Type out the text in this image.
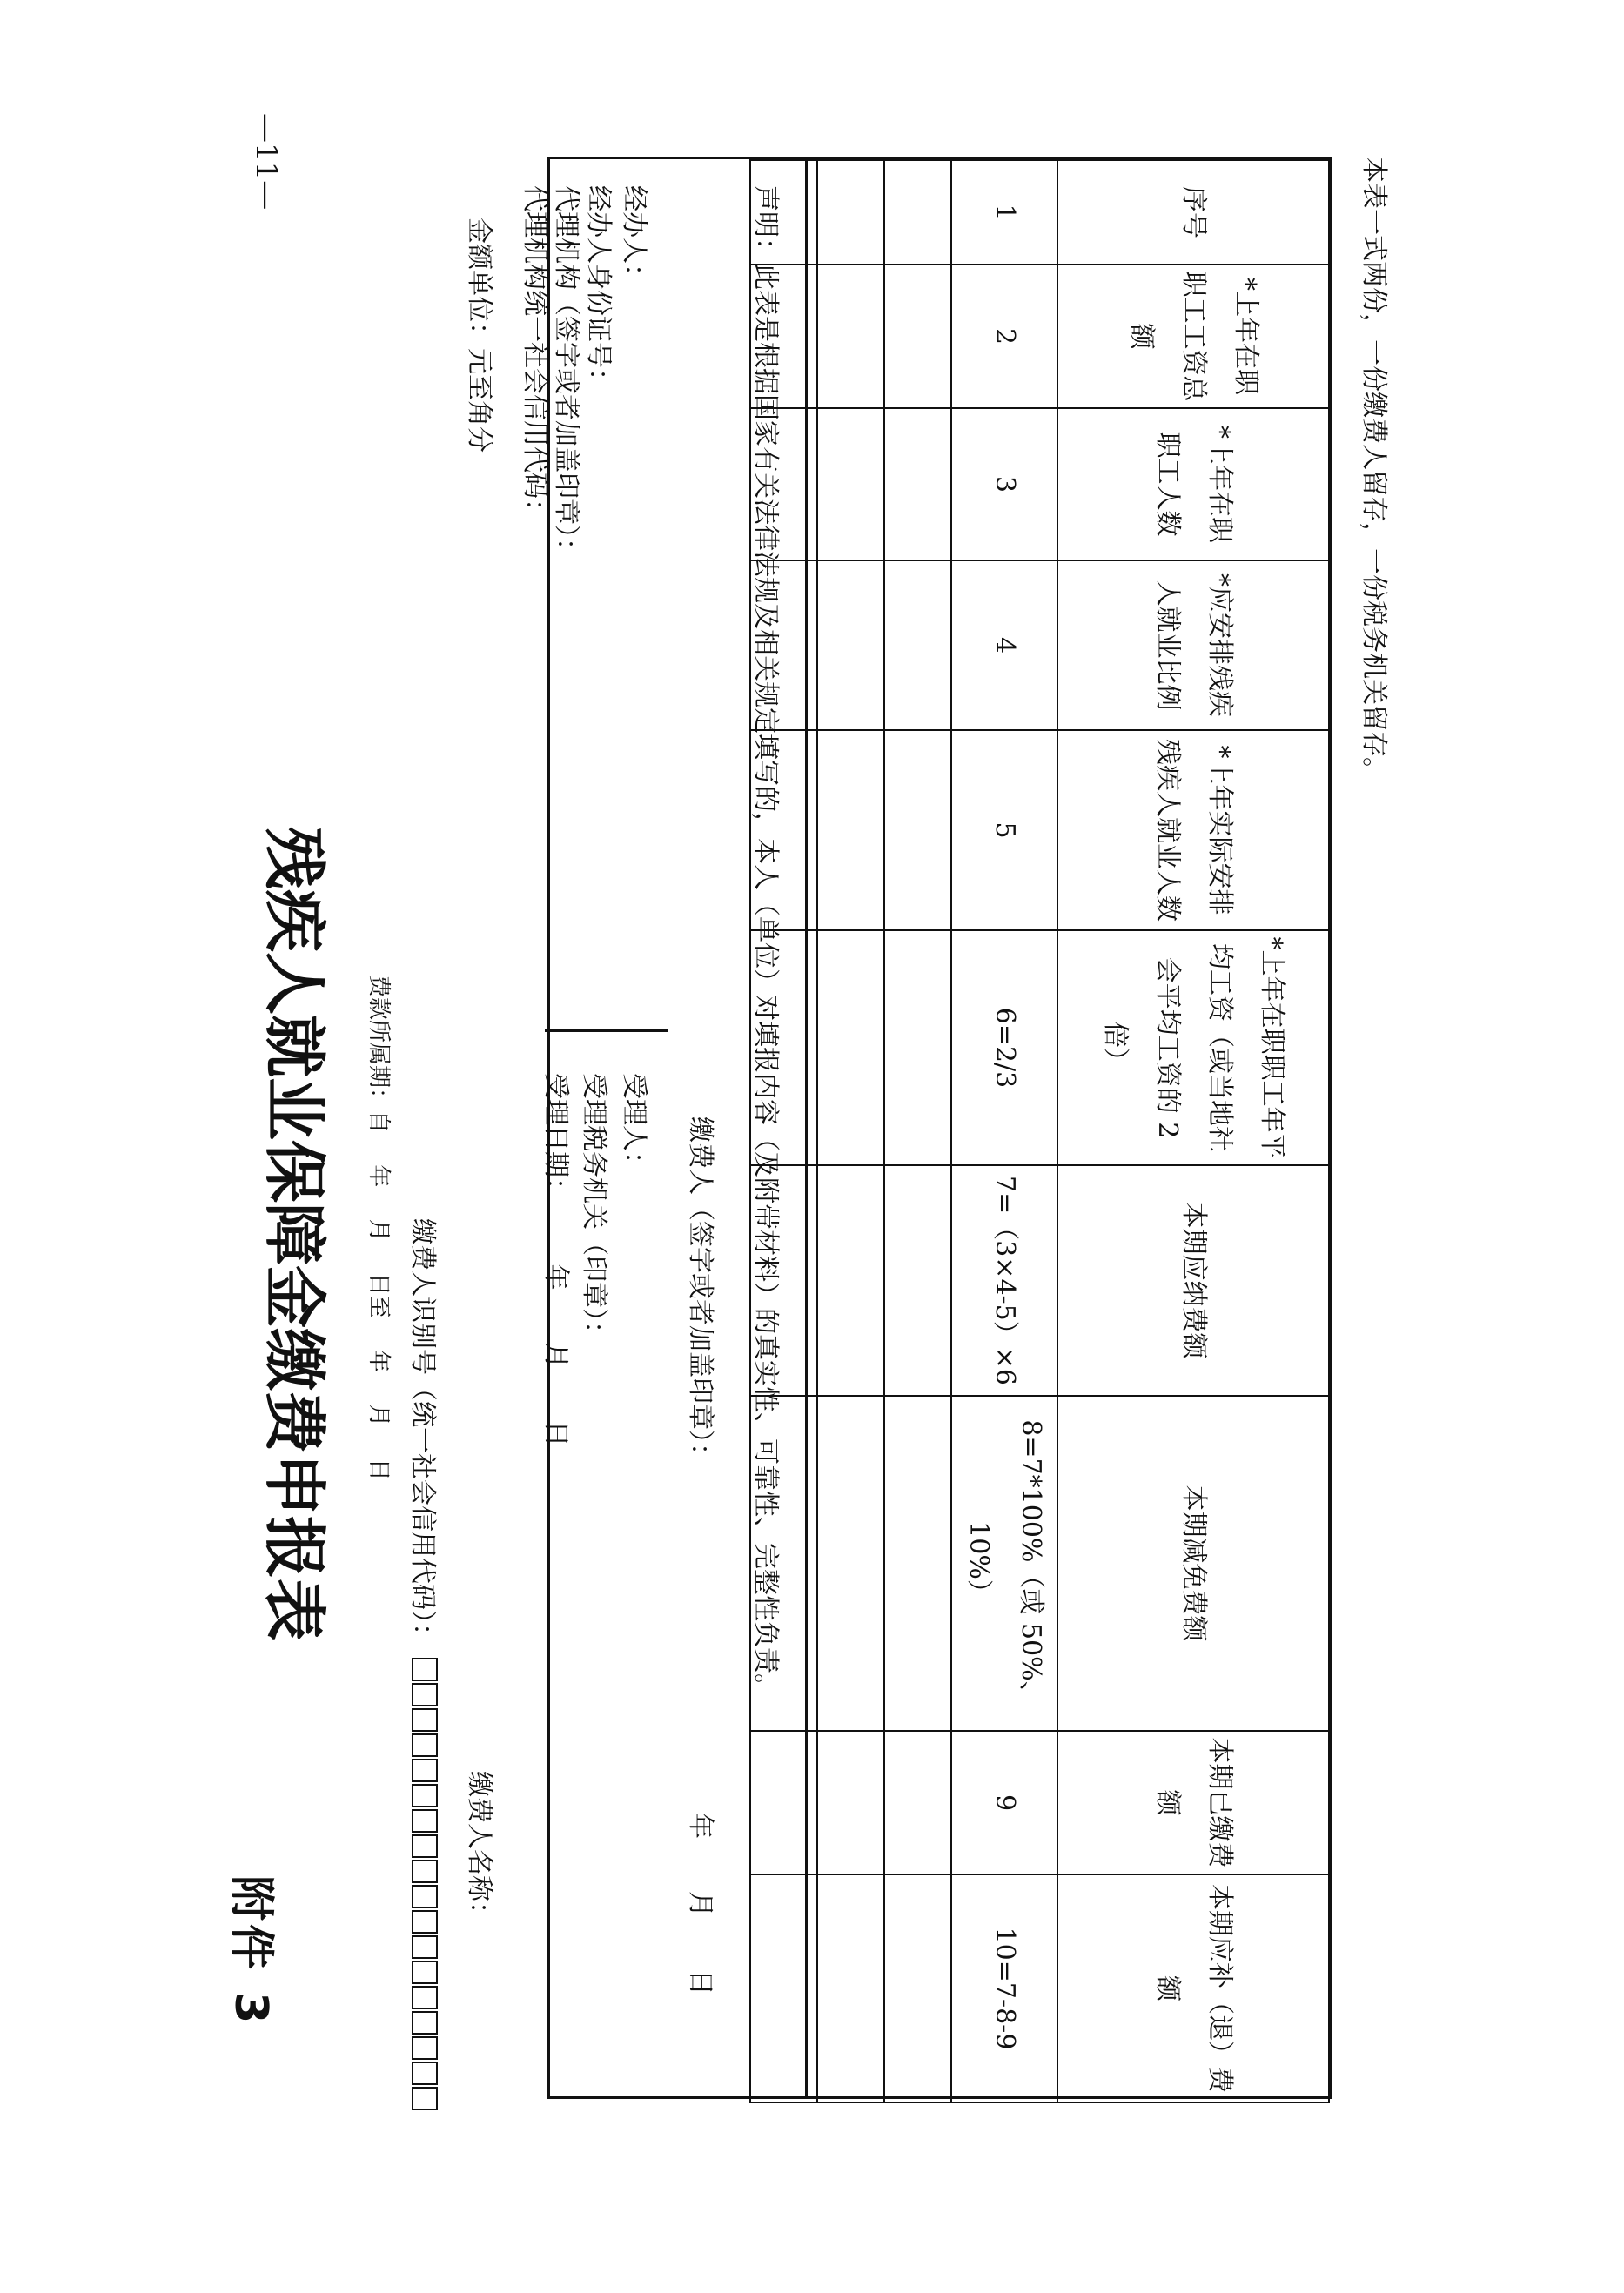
附件 3
残疾人就业保障金缴费申报表	费款所属期：自 年 月 日至 年 月 日 缴费人识别号（统一社会信用代码）：
缴费人名称：
金额单位：元至角分
序号	*上年在职职工工资总额	*上年在职职工人数	*应安排残疾人就业比例	*上年实际安排残疾人就业人数	*上年在职职工年平均工资（或当地社会平均工资的 2 倍）	本期应纳费额	本期减免费额	本期已缴费额	本期应补（退）费额
1	2	3	4	5	6=2/3	7=（3×4-5）×6	8=7*100%（或 50%、10%）	9	10=7-8-9

声明：此表是根据国家有关法律法规及相关规定填写的，本人（单位）对填报内容（及附带材料）的真实性、可靠性、完整性负责。
缴费人（签字或者加盖印章）：
年　　月　　日
经办人：
经办人身份证号：
代理机构（签字或者加盖印章）：
代理机构统一社会信用代码：
受理人：
受理税务机关（印章）：
受理日期： 年　　月　　日
本表一式两份，一份缴费人留存，一份税务机关留存。
—11—
